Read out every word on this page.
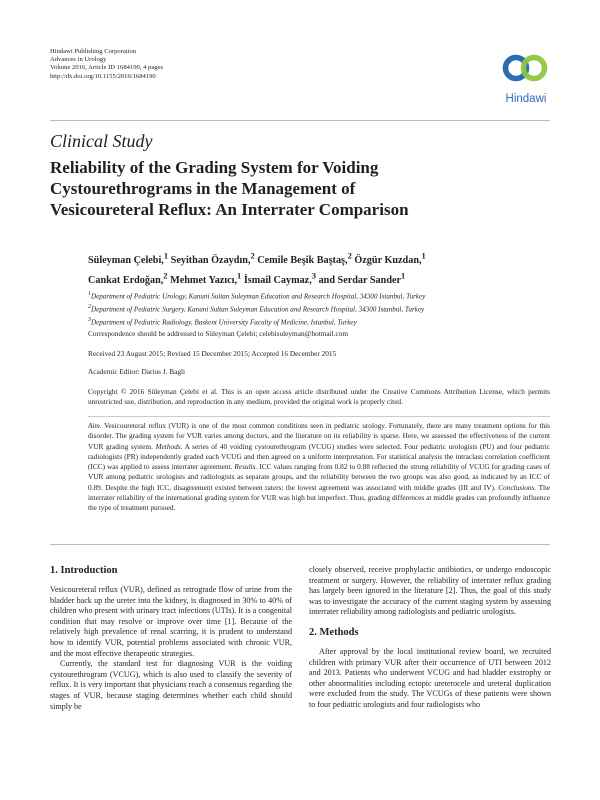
Hindawi Publishing Corporation
Advances in Urology
Volume 2016, Article ID 1684190, 4 pages
http://dx.doi.org/10.1155/2016/1684190
Hindawi
Clinical Study
Reliability of the Grading System for Voiding
Cystourethrograms in the Management of
Vesicoureteral Reflux: An Interrater Comparison
Süleyman Çelebi,$^1$ Seyithan Özaydın,$^2$ Cemile Beşik Baştaş,$^2$ Özgür Kuzdan,$^1$
Cankat Erdoğan,$^2$ Mehmet Yazıcı,$^1$ İsmail Caymaz,$^3$ and Serdar Sander$^1$
$^1$Department of Pediatric Urology, Kanuni Sultan Suleyman Education and Research Hospital, 34300 Istanbul, Turkey
$^2$Department of Pediatric Surgery, Kanuni Sultan Suleyman Education and Research Hospital, 34300 Istanbul, Turkey
$^3$Department of Pediatric Radiology, Baskent University Faculty of Medicine, Istanbul, Turkey
Correspondence should be addressed to Süleyman Çelebi; celebisuleyman@hotmail.com
Received 23 August 2015; Revised 15 December 2015; Accepted 16 December 2015
Academic Editor: Darius J. Bagli
Copyright © 2016 Süleyman Çelebi et al. This is an open access article distributed under the Creative Commons Attribution License, which permits unrestricted use, distribution, and reproduction in any medium, provided the original work is properly cited.
Aim. Vesicoureteral reflux (VUR) is one of the most common conditions seen in pediatric urology. Fortunately, there are many treatment options for this disorder. The grading system for VUR varies among doctors, and the literature on its reliability is sparse. Here, we assessed the effectiveness of the current VUR grading system. Methods. A series of 40 voiding cystourethrogram (VCUG) studies were selected. Four pediatric urologists (PU) and four pediatric radiologists (PR) independently graded each VCUG and then agreed on a uniform interpretation. For statistical analysis the intraclass correlation coefficient (ICC) was applied to assess interrater agreement. Results. ICC values ranging from 0.82 to 0.88 reflected the strong reliability of VCUG for grading cases of VUR among pediatric urologists and radiologists as separate groups, and the reliability between the two groups was also good, as indicated by an ICC of 0.89. Despite the high ICC, disagreement existed between raters; the lowest agreement was associated with middle grades (III and IV). Conclusions. The interrater reliability of the international grading system for VUR was high but imperfect. Thus, grading differences at middle grades can profoundly influence the type of treatment pursued.
1. Introduction

Vesicoureteral reflux (VUR), defined as retrograde flow of urine from the bladder back up the ureter into the kidney, is diagnosed in 30% to 40% of children who present with urinary tract infections (UTIs). It is a congenital condition that may resolve or improve over time [1]. Because of the relatively high prevalence of renal scarring, it is prudent to understand how to identify VUR, potential problems associated with chronic VUR, and the most effective therapeutic strategies.

Currently, the standard test for diagnosing VUR is the voiding cystourethrogram (VCUG), which is also used to classify the severity of reflux. It is very important that physicians reach a consensus regarding the stages of VUR, because staging determines whether each child should simply be

closely observed, receive prophylactic antibiotics, or undergo endoscopic treatment or surgery. However, the reliability of interrater reflux grading has largely been ignored in the literature [2]. Thus, the goal of this study was to investigate the accuracy of the current staging system by assessing interrater reliability among radiologists and pediatric urologists.

2. Methods

After approval by the local institutional review board, we recruited children with primary VUR after their occurrence of UTI between 2012 and 2013. Patients who underwent VCUG and had bladder exstrophy or other abnormalities including ectopic ureterocele and ureteral duplication were excluded from the study. The VCUGs of these patients were shown to four pediatric urologists and four radiologists who
